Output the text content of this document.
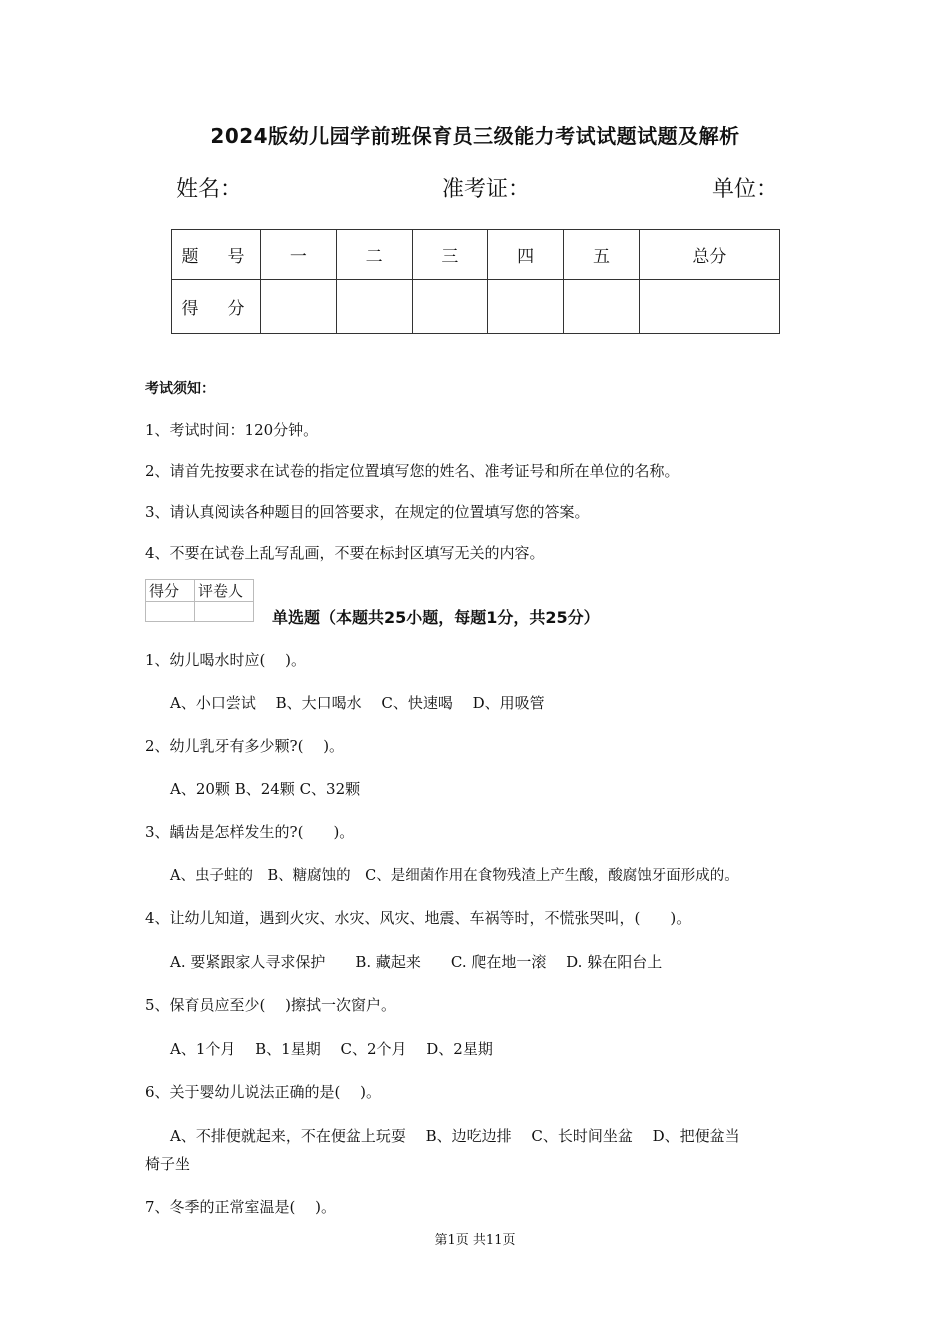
2024版幼儿园学前班保育员三级能力考试试题试题及解析
姓名：	准考证：	单位：
题　号	一	二	三	四	五	总分
得　分						
考试须知：
1、考试时间：120分钟。
2、请首先按要求在试卷的指定位置填写您的姓名、准考证号和所在单位的名称。
3、请认真阅读各种题目的回答要求，在规定的位置填写您的答案。
4、不要在试卷上乱写乱画，不要在标封区填写无关的内容。
得分	评卷人

单选题（本题共25小题，每题1分，共25分）
1、幼儿喝水时应(　 )。
A、小口尝试　 B、大口喝水　 C、快速喝　 D、用吸管
2、幼儿乳牙有多少颗?(　 )。
A、20颗 B、24颗 C、32颗
3、龋齿是怎样发生的?(　　)。
A、虫子蛀的　B、糖腐蚀的　C、是细菌作用在食物残渣上产生酸，酸腐蚀牙面形成的。
4、让幼儿知道，遇到火灾、水灾、风灾、地震、车祸等时，不慌张哭叫，(　　)。
A. 要紧跟家人寻求保护　　B. 藏起来　　C. 爬在地一滚　 D. 躲在阳台上
5、保育员应至少(　 )擦拭一次窗户。
A、1个月　 B、1星期　 C、2个月　 D、2星期
6、关于婴幼儿说法正确的是(　 )。
A、不排便就起来，不在便盆上玩耍　 B、边吃边排　 C、长时间坐盆　 D、把便盆当
椅子坐
7、冬季的正常室温是(　 )。
第1页 共11页
